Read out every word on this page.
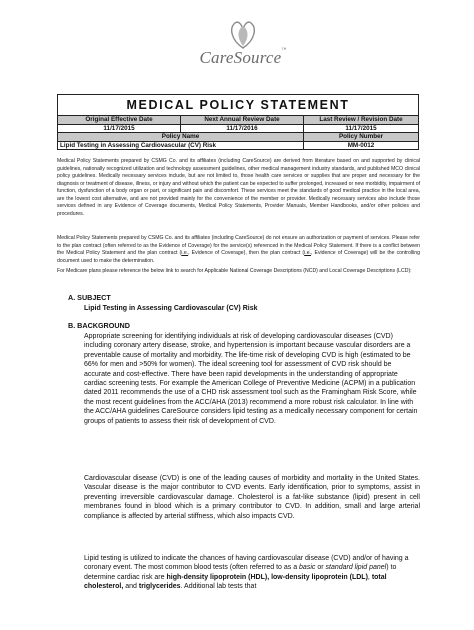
CareSource™
MEDICAL POLICY STATEMENT		
Original Effective Date	Next Annual Review Date	Last Review / Revision Date
11/17/2015	11/17/2016	11/17/2015
Policy Name		Policy Number
Lipid Testing in Assessing Cardiovascular (CV) Risk		MM-0012

Medical Policy Statements prepared by CSMG Co. and its affiliates (including CareSource) are derived from literature based on and supported by clinical guidelines, nationally recognized utilization and technology assessment guidelines, other medical management industry standards, and published MCO clinical policy guidelines. Medically necessary services include, but are not limited to, those health care services or supplies that are proper and necessary for the diagnosis or treatment of disease, illness, or injury and without which the patient can be expected to suffer prolonged, increased or new morbidity, impairment of function, dysfunction of a body organ or part, or significant pain and discomfort. These services meet the standards of good medical practice in the local area, are the lowest cost alternative, and are not provided mainly for the convenience of the member or provider. Medically necessary services also include those services defined in any Evidence of Coverage documents, Medical Policy Statements, Provider Manuals, Member Handbooks, and/or other policies and procedures.

Medical Policy Statements prepared by CSMG Co. and its affiliates (including CareSource) do not ensure an authorization or payment of services. Please refer to the plan contract (often referred to as the Evidence of Coverage) for the service(s) referenced in the Medical Policy Statement. If there is a conflict between the Medical Policy Statement and the plan contract (i.e., Evidence of Coverage), then the plan contract (i.e., Evidence of Coverage) will be the controlling document used to make the determination.

For Medicare plans please reference the below link to search for Applicable National Coverage Descriptions (NCD) and Local Coverage Descriptions (LCD):

A. SUBJECT

Lipid Testing in Assessing Cardiovascular (CV) Risk

B. BACKGROUND

Appropriate screening for identifying individuals at risk of developing cardiovascular diseases (CVD) including coronary artery disease, stroke, and hypertension is important because vascular disorders are a preventable cause of mortality and morbidity. The life-time risk of developing CVD is high (estimated to be 66% for men and >50% for women). The ideal screening tool for assessment of CVD risk should be accurate and cost-effective. There have been rapid developments in the understanding of appropriate cardiac screening tests. For example the American College of Preventive Medicine (ACPM) in a publication dated 2011 recommends the use of a CHD risk assessment tool such as the Framingham Risk Score, while the most recent guidelines from the ACC/AHA (2013) recommend a more robust risk calculator. In line with the ACC/AHA guidelines CareSource considers lipid testing as a medically necessary component for certain groups of patients to assess their risk of development of CVD.

Cardiovascular disease (CVD) is one of the leading causes of morbidity and mortality in the United States. Vascular disease is the major contributor to CVD events. Early identification, prior to symptoms, assist in preventing irreversible cardiovascular damage. Cholesterol is a fat-like substance (lipid) present in cell membranes found in blood which is a primary contributor to CVD. In addition, small and large arterial compliance is affected by arterial stiffness, which also impacts CVD.

Lipid testing is utilized to indicate the chances of having cardiovascular disease (CVD) and/or of having a coronary event. The most common blood tests (often referred to as a basic or standard lipid panel) to determine cardiac risk are high-density lipoprotein (HDL), low-density lipoprotein (LDL), total cholesterol, and triglycerides. Additional lab tests that
